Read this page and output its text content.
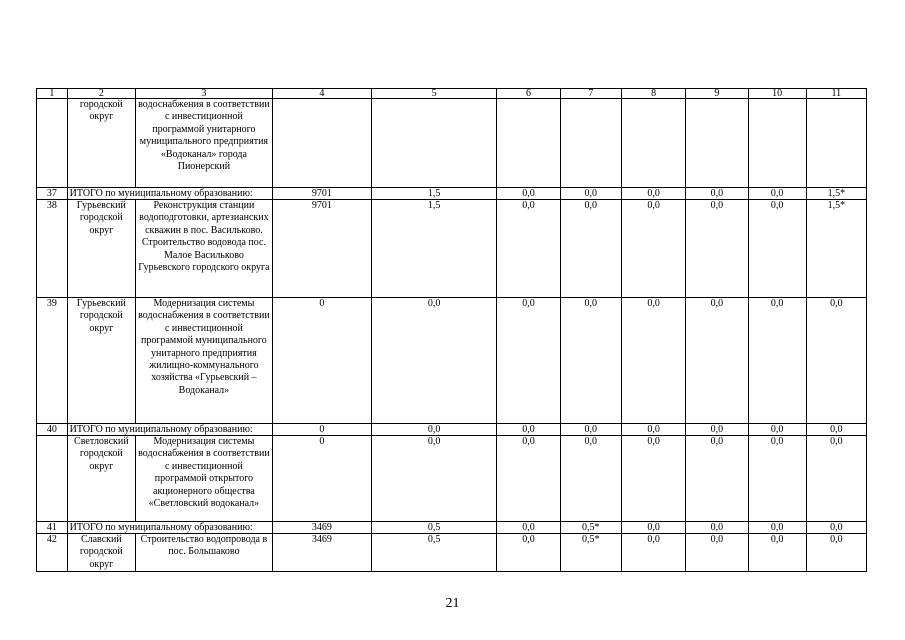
1	2	3	4	5	6	7	8	9	10	11
	городской округ	водоснабжения в соответствии с инвестиционной программой унитарного муниципального предприятия «Водоканал» города Пионерский								
37	ИТОГО по муниципальному образованию:		9701	1,5	0,0	0,0	0,0	0,0	0,0	1,5*
38	Гурьевский городской округ	Реконструкция станции водоподготовки, артезианских скважин в пос. Васильково. Строительство водовода пос. Малое Васильково Гурьевского городского округа	9701	1,5	0,0	0,0	0,0	0,0	0,0	1,5*
39	Гурьевский городской округ	Модернизация системы водоснабжения в соответствии с инвестиционной программой муниципального унитарного предприятия жилищно-коммунального хозяйства «Гурьевский – Водоканал»	0	0,0	0,0	0,0	0,0	0,0	0,0	0,0
40	ИТОГО по муниципальному образованию:		0	0,0	0,0	0,0	0,0	0,0	0,0	0,0
	Светловский городской округ	Модернизация системы водоснабжения в соответствии с инвестиционной программой открытого акционерного общества «Светловский водоканал»	0	0,0	0,0	0,0	0,0	0,0	0,0	0,0
41	ИТОГО по муниципальному образованию:		3469	0,5	0,0	0,5*	0,0	0,0	0,0	0,0
42	Славский городской округ	Строительство водопровода в пос. Большаково	3469	0,5	0,0	0,5*	0,0	0,0	0,0	0,0
21
